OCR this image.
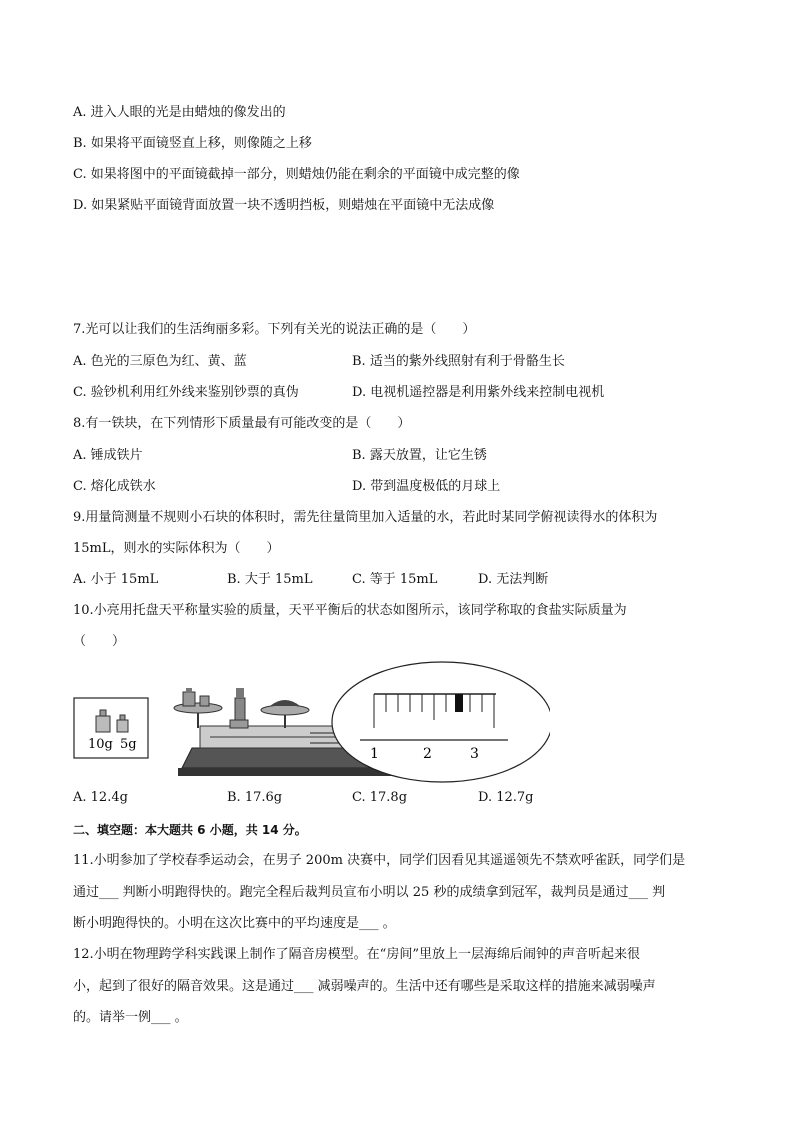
A. 进入人眼的光是由蜡烛的像发出的
B. 如果将平面镜竖直上移，则像随之上移
C. 如果将图中的平面镜截掉一部分，则蜡烛仍能在剩余的平面镜中成完整的像
D. 如果紧贴平面镜背面放置一块不透明挡板，则蜡烛在平面镜中无法成像
7.光可以让我们的生活绚丽多彩。下列有关光的说法正确的是（　　）
A. 色光的三原色为红、黄、蓝	B. 适当的紫外线照射有利于骨骼生长
C. 验钞机利用红外线来鉴别钞票的真伪	D. 电视机遥控器是利用紫外线来控制电视机
8.有一铁块，在下列情形下质量最有可能改变的是（　　）
A. 锤成铁片	B. 露天放置，让它生锈
C. 熔化成铁水	D. 带到温度极低的月球上
9.用量筒测量不规则小石块的体积时，需先往量筒里加入适量的水，若此时某同学俯视读得水的体积为
15mL，则水的实际体积为（　　）
A. 小于 15mL	B. 大于 15mL	C. 等于 15mL	D. 无法判断
10.小亮用托盘天平称量实验的质量，天平平衡后的状态如图所示，该同学称取的食盐实际质量为
（　　）
10g 5g
1	2	3
A. 12.4g	B. 17.6g	C. 17.8g	D. 12.7g
二、填空题：本大题共 6 小题，共 14 分。
11.小明参加了学校春季运动会，在男子 200m 决赛中，同学们因看见其遥遥领先不禁欢呼雀跃，同学们是
通过___ 判断小明跑得快的。跑完全程后裁判员宣布小明以 25 秒的成绩拿到冠军，裁判员是通过___ 判
断小明跑得快的。小明在这次比赛中的平均速度是___ 。
12.小明在物理跨学科实践课上制作了隔音房模型。在“房间”里放上一层海绵后闹钟的声音听起来很
小，起到了很好的隔音效果。这是通过___ 减弱噪声的。生活中还有哪些是采取这样的措施来减弱噪声
的。请举一例___ 。
